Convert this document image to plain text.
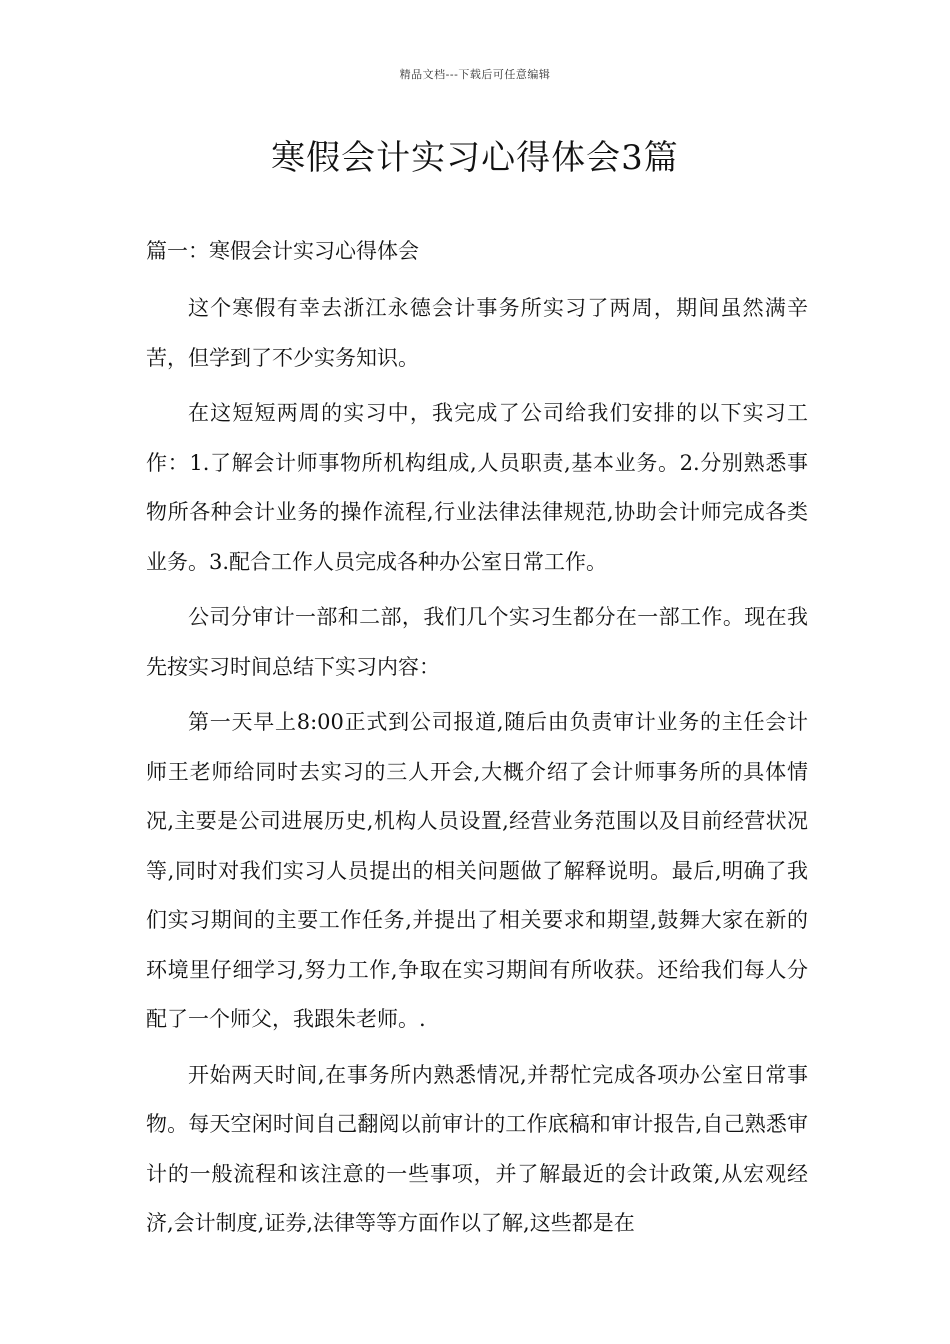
精品文档---下载后可任意编辑
寒假会计实习心得体会3篇
篇一：寒假会计实习心得体会

这个寒假有幸去浙江永德会计事务所实习了两周，期间虽然满辛苦，但学到了不少实务知识。

在这短短两周的实习中，我完成了公司给我们安排的以下实习工作：1.了解会计师事物所机构组成,人员职责,基本业务。2.分别熟悉事物所各种会计业务的操作流程,行业法律法律规范,协助会计师完成各类业务。3.配合工作人员完成各种办公室日常工作。

公司分审计一部和二部，我们几个实习生都分在一部工作。现在我先按实习时间总结下实习内容：

第一天早上8:00正式到公司报道,随后由负责审计业务的主任会计师王老师给同时去实习的三人开会,大概介绍了会计师事务所的具体情况,主要是公司进展历史,机构人员设置,经营业务范围以及目前经营状况等,同时对我们实习人员提出的相关问题做了解释说明。最后,明确了我们实习期间的主要工作任务,并提出了相关要求和期望,鼓舞大家在新的环境里仔细学习,努力工作,争取在实习期间有所收获。还给我们每人分配了一个师父，我跟朱老师。.

开始两天时间,在事务所内熟悉情况,并帮忙完成各项办公室日常事物。每天空闲时间自己翻阅以前审计的工作底稿和审计报告,自己熟悉审计的一般流程和该注意的一些事项，并了解最近的会计政策,从宏观经济,会计制度,证券,法律等等方面作以了解,这些都是在
